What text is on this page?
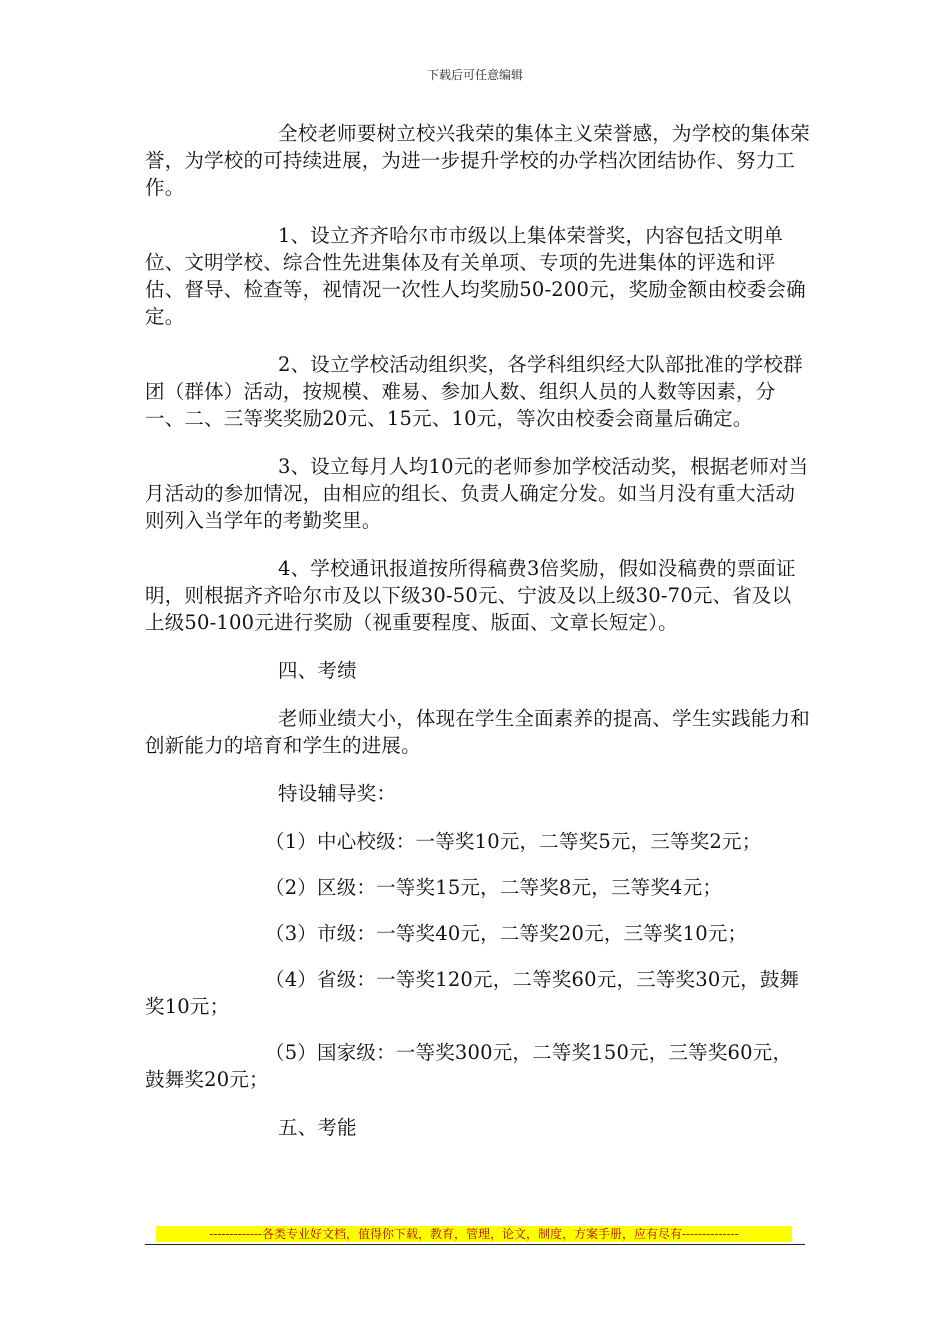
下载后可任意编辑

全校老师要树立校兴我荣的集体主义荣誉感，为学校的集体荣誉，为学校的可持续进展，为进一步提升学校的办学档次团结协作、努力工作。

1、设立齐齐哈尔市市级以上集体荣誉奖，内容包括文明单位、文明学校、综合性先进集体及有关单项、专项的先进集体的评选和评估、督导、检查等，视情况一次性人均奖励50-200元，奖励金额由校委会确定。

2、设立学校活动组织奖，各学科组织经大队部批准的学校群团（群体）活动，按规模、难易、参加人数、组织人员的人数等因素，分一、二、三等奖奖励20元、15元、10元，等次由校委会商量后确定。

3、设立每月人均10元的老师参加学校活动奖，根据老师对当月活动的参加情况，由相应的组长、负责人确定分发。如当月没有重大活动则列入当学年的考勤奖里。

4、学校通讯报道按所得稿费3倍奖励，假如没稿费的票面证明，则根据齐齐哈尔市及以下级30-50元、宁波及以上级30-70元、省及以上级50-100元进行奖励（视重要程度、版面、文章长短定）。

四、考绩

老师业绩大小，体现在学生全面素养的提高、学生实践能力和创新能力的培育和学生的进展。

特设辅导奖：

（1）中心校级：一等奖10元，二等奖5元，三等奖2元；

（2）区级：一等奖15元，二等奖8元，三等奖4元；

（3）市级：一等奖40元，二等奖20元，三等奖10元；

（4）省级：一等奖120元，二等奖60元，三等奖30元，鼓舞奖10元；

（5）国家级：一等奖300元，二等奖150元，三等奖60元，鼓舞奖20元；

五、考能

-------------各类专业好文档，值得你下载，教育，管理，论文，制度，方案手册，应有尽有--------------
